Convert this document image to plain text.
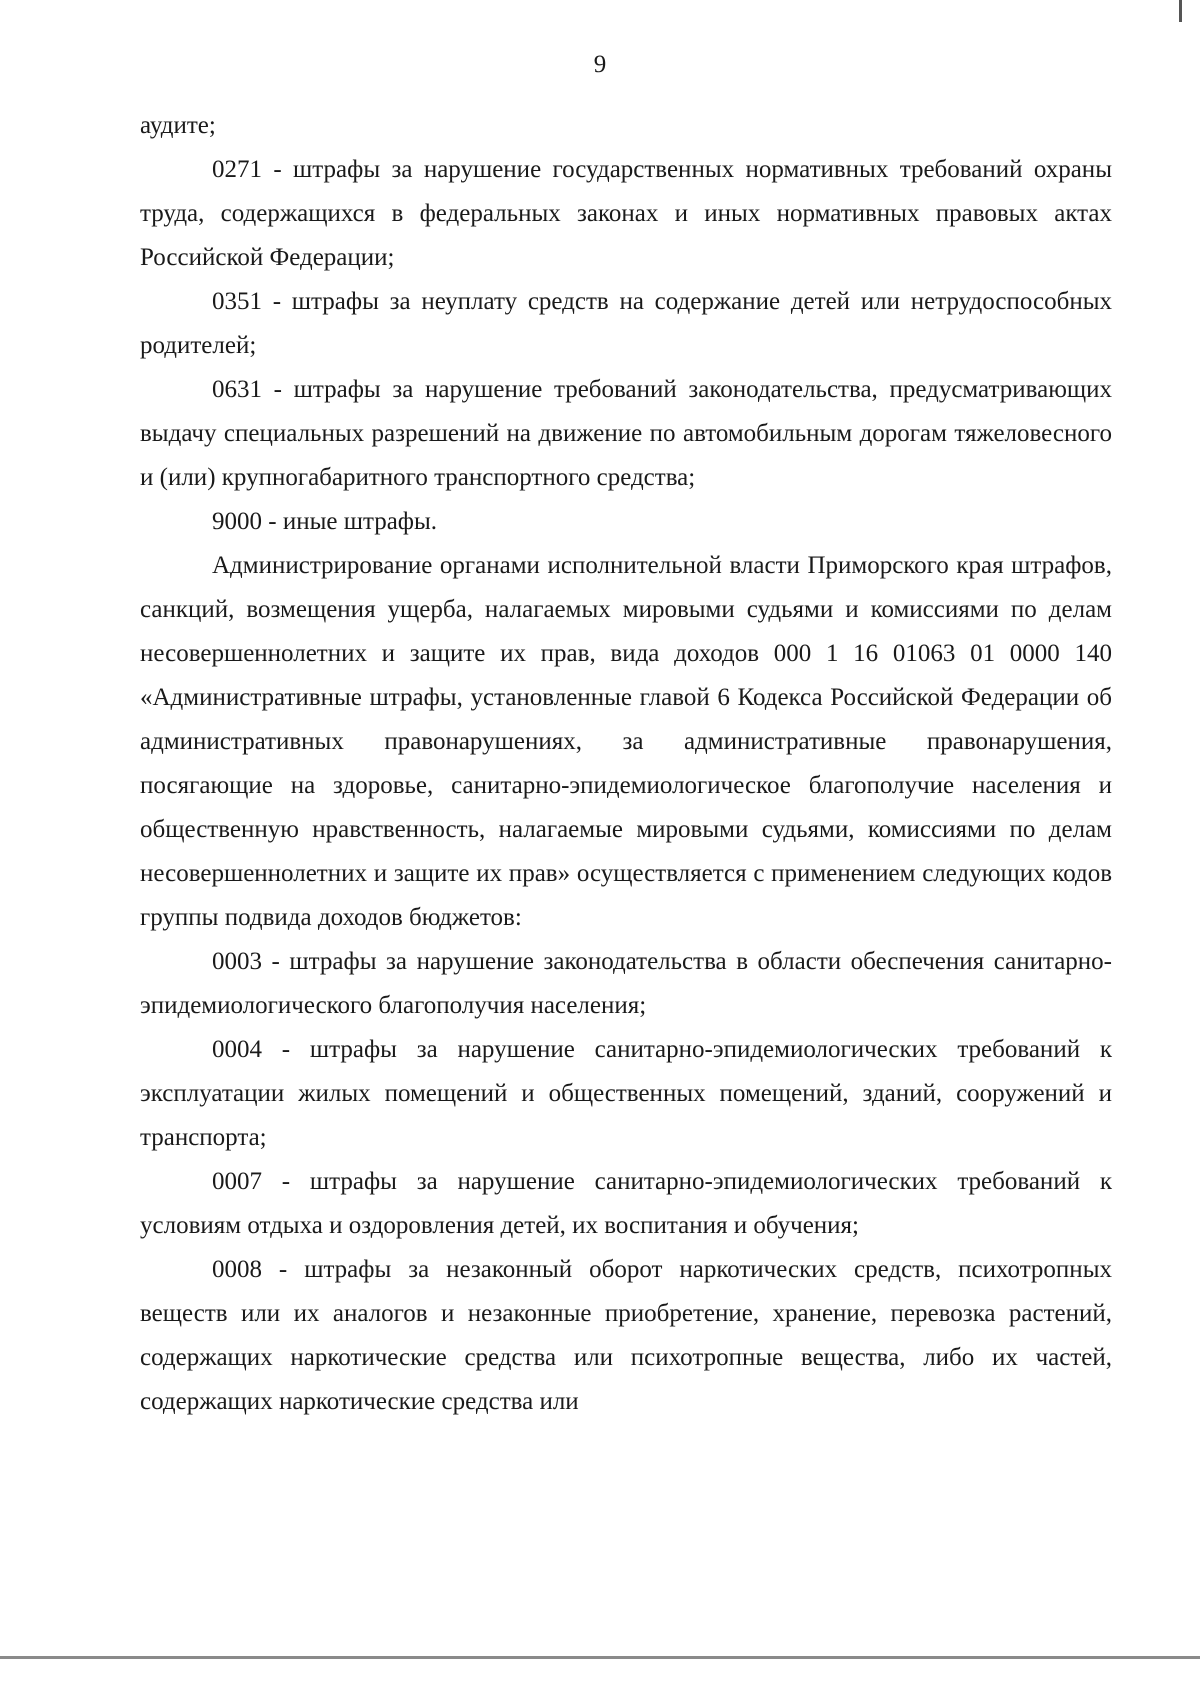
9

аудите;

0271 - штрафы за нарушение государственных нормативных требований охраны труда, содержащихся в федеральных законах и иных нормативных правовых актах Российской Федерации;

0351 - штрафы за неуплату средств на содержание детей или нетрудоспособных родителей;

0631 - штрафы за нарушение требований законодательства, предусматривающих выдачу специальных разрешений на движение по автомобильным дорогам тяжеловесного и (или) крупногабаритного транспортного средства;

9000 - иные штрафы.

Администрирование органами исполнительной власти Приморского края штрафов, санкций, возмещения ущерба, налагаемых мировыми судьями и комиссиями по делам несовершеннолетних и защите их прав, вида доходов 000 1 16 01063 01 0000 140 «Административные штрафы, установленные главой 6 Кодекса Российской Федерации об административных правонарушениях, за административные правонарушения, посягающие на здоровье, санитарно-эпидемиологическое благополучие населения и общественную нравственность, налагаемые мировыми судьями, комиссиями по делам несовершеннолетних и защите их прав» осуществляется с применением следующих кодов группы подвида доходов бюджетов:

0003 - штрафы за нарушение законодательства в области обеспечения санитарно-эпидемиологического благополучия населения;

0004 - штрафы за нарушение санитарно-эпидемиологических требований к эксплуатации жилых помещений и общественных помещений, зданий, сооружений и транспорта;

0007 - штрафы за нарушение санитарно-эпидемиологических требований к условиям отдыха и оздоровления детей, их воспитания и обучения;

0008 - штрафы за незаконный оборот наркотических средств, психотропных веществ или их аналогов и незаконные приобретение, хранение, перевозка растений, содержащих наркотические средства или психотропные вещества, либо их частей, содержащих наркотические средства или
